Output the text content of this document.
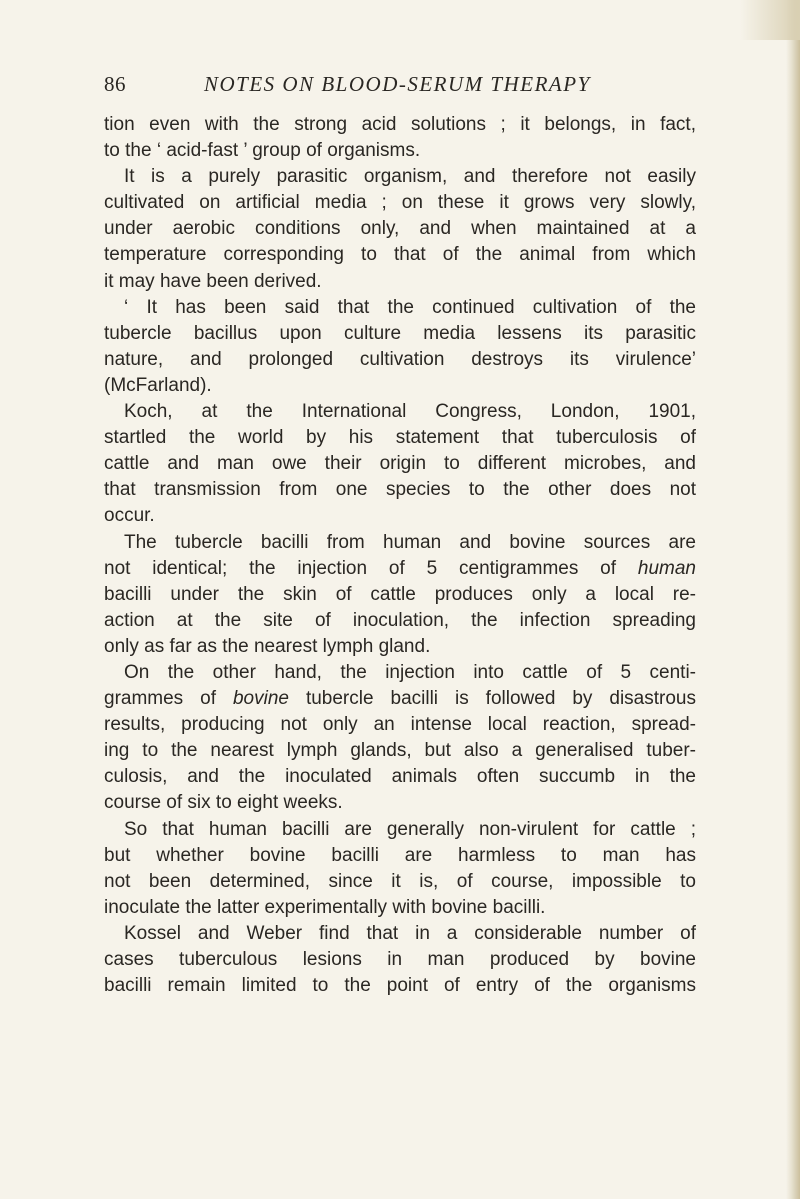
86	NOTES ON BLOOD-SERUM THERAPY
tion even with the strong acid solutions ; it belongs, in fact,
to the ‘ acid-fast ’ group of organisms.
It is a purely parasitic organism, and therefore not easily
cultivated on artificial media ; on these it grows very slowly,
under aerobic conditions only, and when maintained at a
temperature corresponding to that of the animal from which
it may have been derived.
‘ It has been said that the continued cultivation of the
tubercle bacillus upon culture media lessens its parasitic
nature, and prolonged cultivation destroys its virulence’
(McFarland).
Koch, at the International Congress, London, 1901,
startled the world by his statement that tuberculosis of
cattle and man owe their origin to different microbes, and
that transmission from one species to the other does not
occur.
The tubercle bacilli from human and bovine sources are
not identical; the injection of 5 centigrammes of human
bacilli under the skin of cattle produces only a local re-
action at the site of inoculation, the infection spreading
only as far as the nearest lymph gland.
On the other hand, the injection into cattle of 5 centi-
grammes of bovine tubercle bacilli is followed by disastrous
results, producing not only an intense local reaction, spread-
ing to the nearest lymph glands, but also a generalised tuber-
culosis, and the inoculated animals often succumb in the
course of six to eight weeks.
So that human bacilli are generally non-virulent for cattle ;
but whether bovine bacilli are harmless to man has
not been determined, since it is, of course, impossible to
inoculate the latter experimentally with bovine bacilli.
Kossel and Weber find that in a considerable number of
cases tuberculous lesions in man produced by bovine
bacilli remain limited to the point of entry of the organisms
